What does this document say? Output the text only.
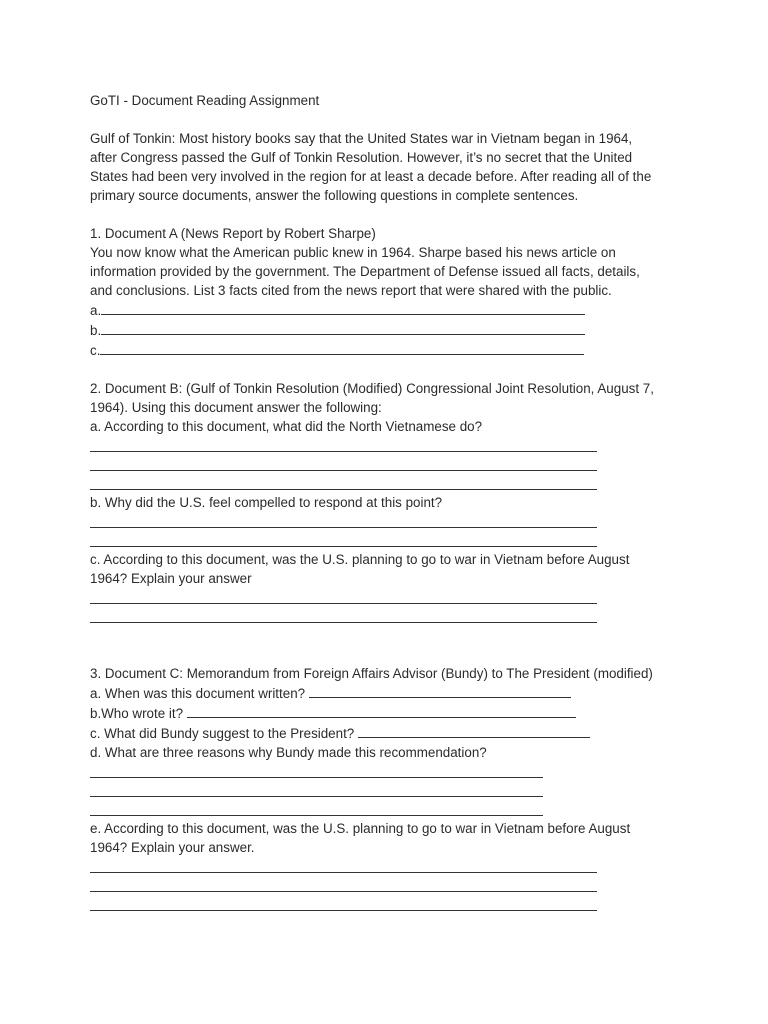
GoTI - Document Reading Assignment
Gulf of Tonkin: Most history books say that the United States war in Vietnam began in 1964,
after Congress passed the Gulf of Tonkin Resolution. However, it’s no secret that the United
States had been very involved in the region for at least a decade before. After reading all of the
primary source documents, answer the following questions in complete sentences.
1. Document A (News Report by Robert Sharpe)
You now know what the American public knew in 1964. Sharpe based his news article on
information provided by the government. The Department of Defense issued all facts, details,
and conclusions. List 3 facts cited from the news report that were shared with the public.
a.
b.
c.
2. Document B: (Gulf of Tonkin Resolution (Modified) Congressional Joint Resolution, August 7,
1964). Using this document answer the following:
a. According to this document, what did the North Vietnamese do?
b. Why did the U.S. feel compelled to respond at this point?
c. According to this document, was the U.S. planning to go to war in Vietnam before August
1964? Explain your answer
3. Document C: Memorandum from Foreign Affairs Advisor (Bundy) to The President (modified)
a. When was this document written?
b.Who wrote it?
c. What did Bundy suggest to the President?
d. What are three reasons why Bundy made this recommendation?
e. According to this document, was the U.S. planning to go to war in Vietnam before August
1964? Explain your answer.
